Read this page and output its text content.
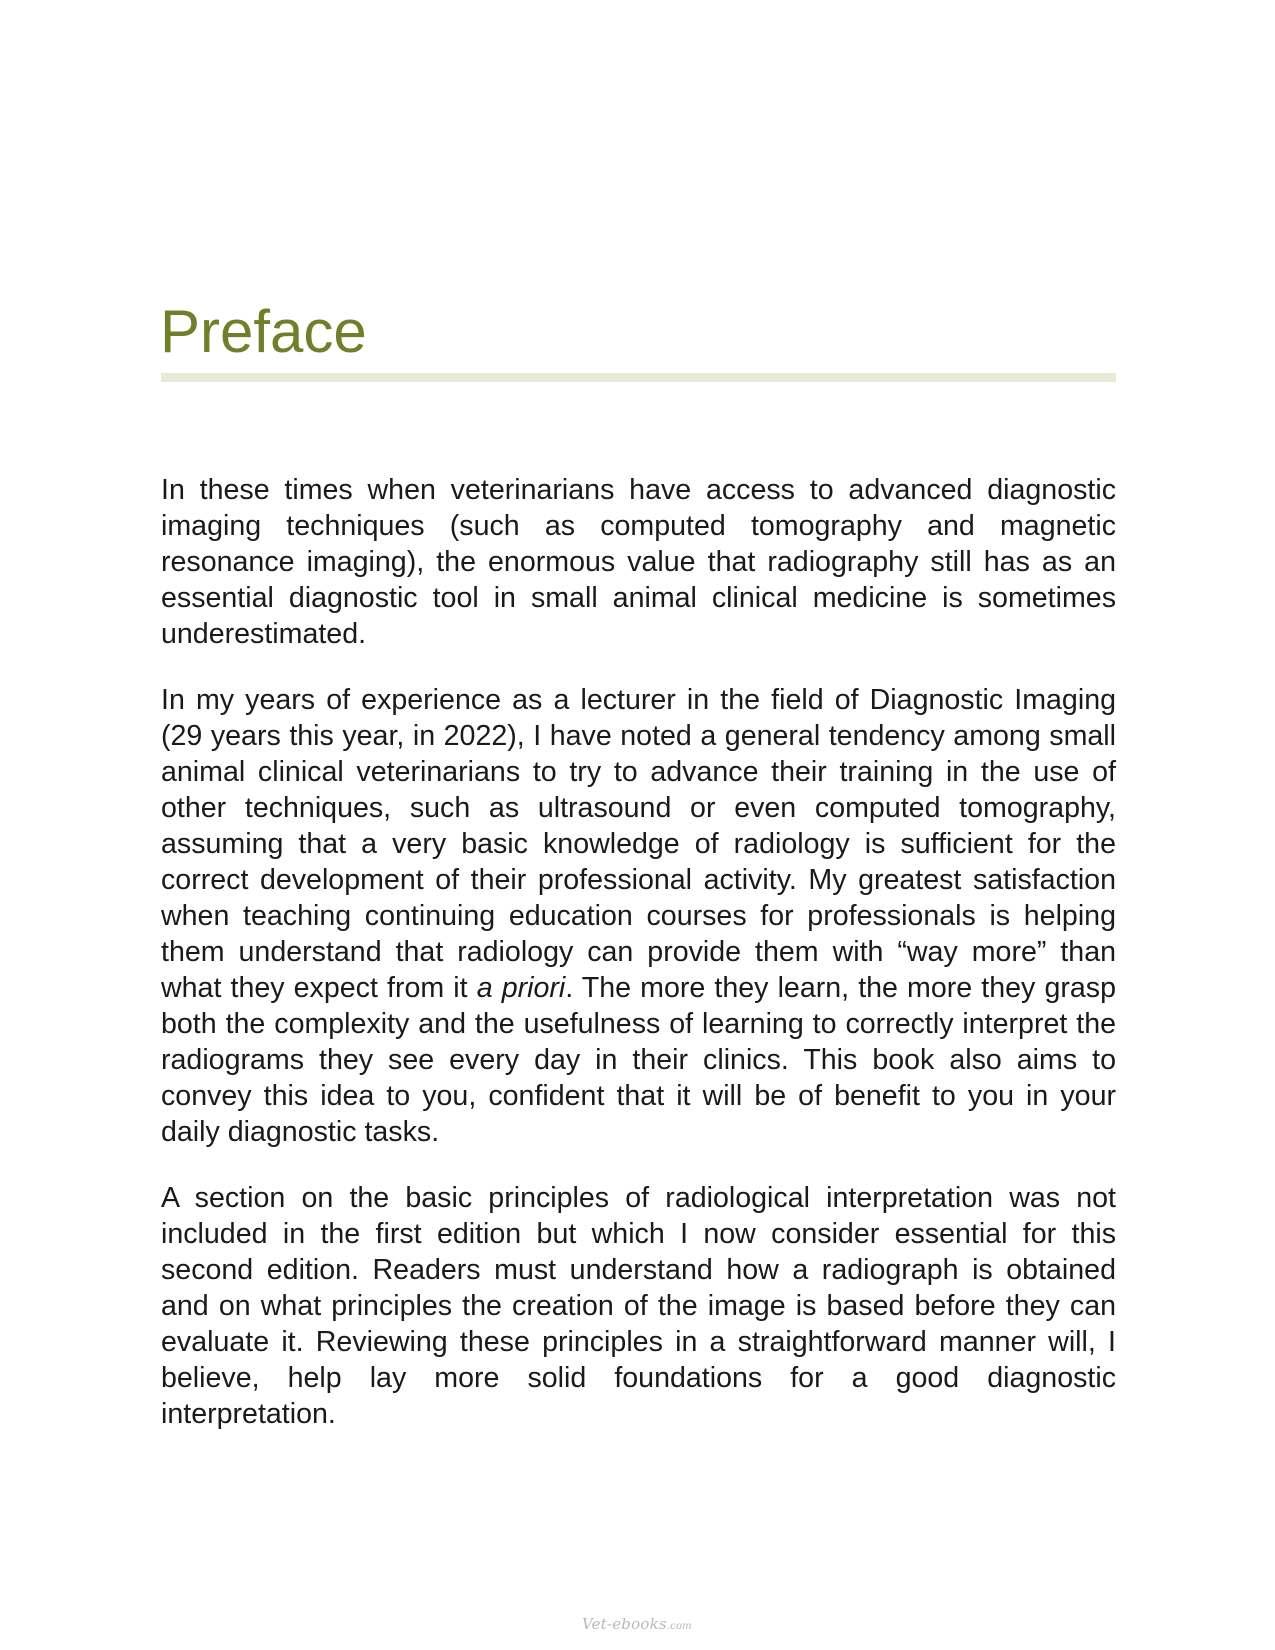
Preface

In these times when veterinarians have access to advanced diagnostic imaging techniques (such as computed tomography and magnetic resonance imaging), the enormous value that radiography still has as an essential diagnostic tool in small animal clinical medicine is sometimes underestimated.

In my years of experience as a lecturer in the field of Diagnostic Imaging (29 years this year, in 2022), I have noted a general tendency among small animal clinical veterinarians to try to advance their training in the use of other techniques, such as ultrasound or even computed tomography, assuming that a very basic knowledge of radiology is sufficient for the correct development of their professional activity. My greatest satisfaction when teaching continuing education courses for professionals is helping them understand that radiology can provide them with “way more” than what they expect from it a priori. The more they learn, the more they grasp both the complexity and the usefulness of learning to correctly interpret the radiograms they see every day in their clinics. This book also aims to convey this idea to you, confident that it will be of benefit to you in your daily diagnostic tasks.

A section on the basic principles of radiological interpretation was not included in the first edition but which I now consider essential for this second edition. Readers must understand how a radiograph is obtained and on what principles the creation of the image is based before they can evaluate it. Reviewing these principles in a straightforward manner will, I believe, help lay more solid foundations for a good diagnostic interpretation.

Vet-ebooks.com
